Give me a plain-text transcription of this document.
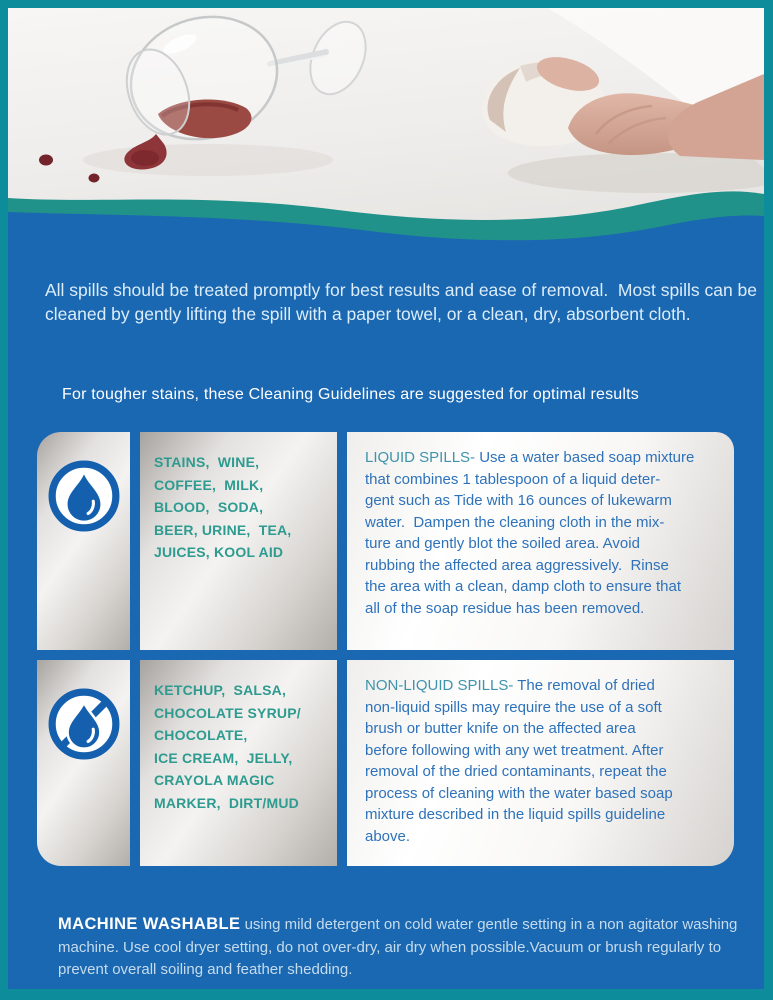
All spills should be treated promptly for best results and ease of removal.  Most spills can be cleaned by gently lifting the spill with a paper towel, or a clean, dry, absorbent cloth.

For tougher stains, these Cleaning Guidelines are suggested for optimal results
STAINS,  WINE,
COFFEE,  MILK,
BLOOD,  SODA,
BEER, URINE,  TEA,
JUICES, KOOL AID
LIQUID SPILLS- Use a water based soap mixture
that combines 1 tablespoon of a liquid deter-
gent such as Tide with 16 ounces of lukewarm
water.  Dampen the cleaning cloth in the mix-
ture and gently blot the soiled area. Avoid
rubbing the affected area aggressively.  Rinse
the area with a clean, damp cloth to ensure that
all of the soap residue has been removed.
KETCHUP,  SALSA,
CHOCOLATE SYRUP/
CHOCOLATE,
ICE CREAM,  JELLY,
CRAYOLA MAGIC
MARKER,  DIRT/MUD
NON-LIQUID SPILLS- The removal of dried
non-liquid spills may require the use of a soft
brush or butter knife on the affected area
before following with any wet treatment. After
removal of the dried contaminants, repeat the
process of cleaning with the water based soap
mixture described in the liquid spills guideline
above.

MACHINE WASHABLE using mild detergent on cold water gentle setting in a non agitator washing machine. Use cool dryer setting, do not over-dry, air dry when possible.Vacuum or brush regularly to prevent overall soiling and feather shedding.
